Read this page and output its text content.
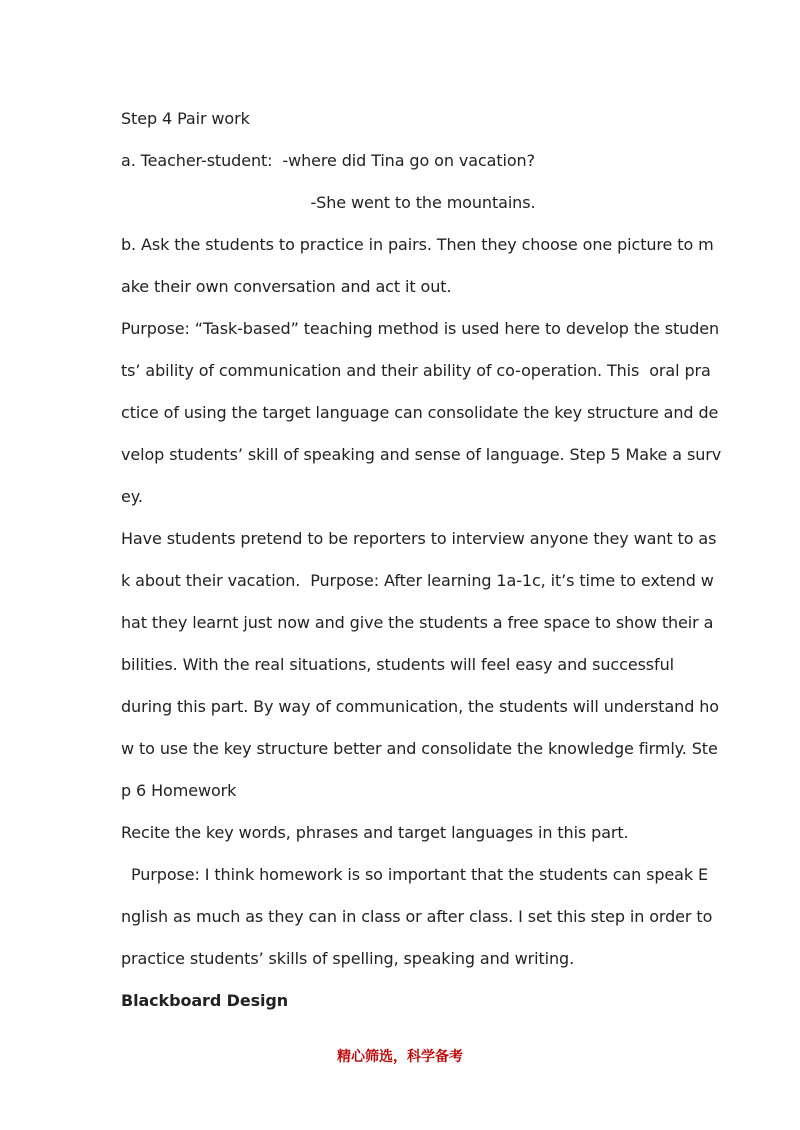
Step 4 Pair work
a. Teacher-student:  -where did Tina go on vacation?
-She went to the mountains.
b. Ask the students to practice in pairs. Then they choose one picture to m
ake their own conversation and act it out.
Purpose: “Task-based” teaching method is used here to develop the studen
ts’ ability of communication and their ability of co-operation. This  oral pra
ctice of using the target language can consolidate the key structure and de
velop students’ skill of speaking and sense of language. Step 5 Make a surv
ey.
Have students pretend to be reporters to interview anyone they want to as
k about their vacation.  Purpose: After learning 1a-1c, it’s time to extend w
hat they learnt just now and give the students a free space to show their a
bilities. With the real situations, students will feel easy and successful
during this part. By way of communication, the students will understand ho
w to use the key structure better and consolidate the knowledge firmly. Ste
p 6 Homework
Recite the key words, phrases and target languages in this part.
Purpose: I think homework is so important that the students can speak E
nglish as much as they can in class or after class. I set this step in order to
practice students’ skills of spelling, speaking and writing.
Blackboard Design
精心筛选，科学备考
